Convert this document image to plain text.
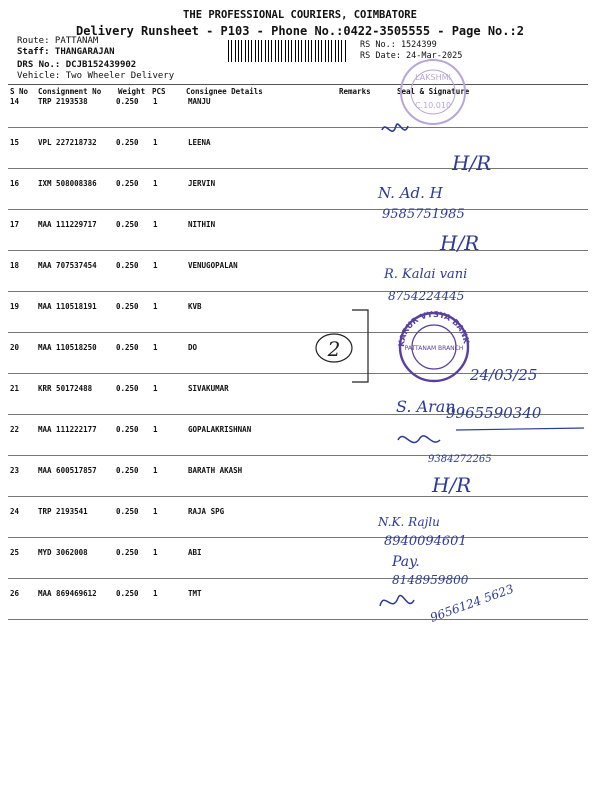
THE PROFESSIONAL COURIERS, COIMBATORE
Delivery Runsheet - P103 - Phone No.:0422-3505555 - Page No.:2
Route: PATTANAM
Staff: THANGARAJAN
DRS No.: DCJB152439902
Vehicle: Two Wheeler Delivery
RS No.: 1524399
RS Date: 24-Mar-2025
S No Consignment No Weight PCS	Consignee Details	Remarks	Seal & Signature
14	TRP 2193538	0.250 1	MANJU
15	VPL 227218732	0.250 1	LEENA
16	IXM 508008386	0.250 1	JERVIN
17	MAA 111229717	0.250 1	NITHIN
18	MAA 707537454	0.250 1	VENUGOPALAN
19	MAA 110518191	0.250 1	KVB
20	MAA 110518250	0.250 1	DO
21	KRR 50172488	0.250 1	SIVAKUMAR
22	MAA 111222177	0.250 1	GOPALAKRISHNAN
23	MAA 600517857	0.250 1	BARATH AKASH
24	TRP 2193541	0.250 1	RAJA SPG
25	MYD 3062008	0.250 1	ABI
26	MAA 869469612	0.250 1	TMT
LAKSHMI
C.10.010
H/R
N. Ad. H
9585751985
H/R
R. Kalai vani
8754224445
2	KARUR VYSYA BANK
PATTANAM BRANCH
24/03/25
S. Aran
9965590340
9384272265
H/R
N.K. Rajlu
8940094601
Pay.
8148959800
9656124 5623
